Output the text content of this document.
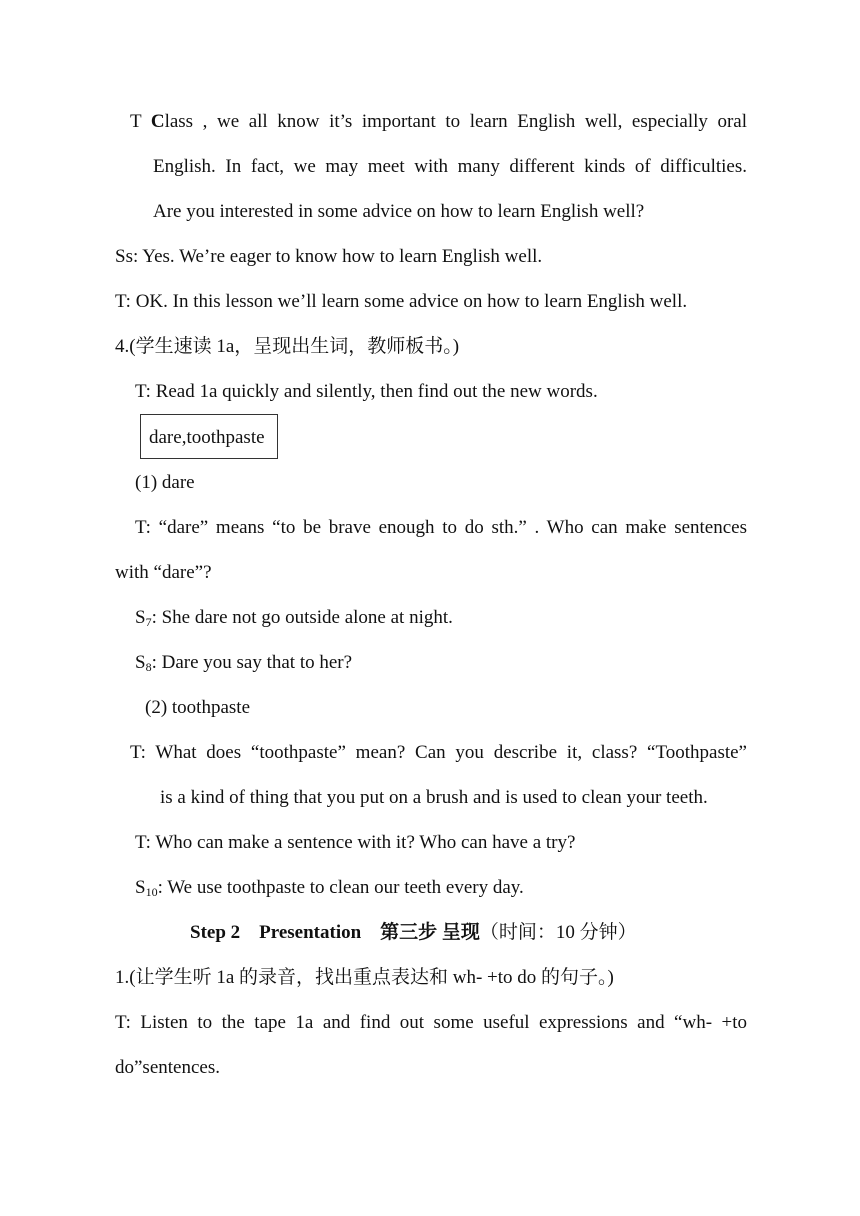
T Class , we all know it’s important to learn English well, especially oral
English. In fact, we may meet with many different kinds of difficulties.
Are you interested in some advice on how to learn English well?
Ss: Yes. We’re eager to know how to learn English well.
T: OK. In this lesson we’ll learn some advice on how to learn English well.
4.(学生速读 1a，呈现出生词，教师板书。)
T: Read 1a quickly and silently, then find out the new words.
dare,toothpaste
(1) dare
T: “dare” means “to be brave enough to do sth.” . Who can make sentences
with “dare”?
$S_7$: She dare not go outside alone at night.
$S_8$: Dare you say that to her?
(2) toothpaste
T: What does “toothpaste” mean? Can you describe it, class? “Toothpaste”
is a kind of thing that you put on a brush and is used to clean your teeth.
T: Who can make a sentence with it? Who can have a try?
$S_{10}$: We use toothpaste to clean our teeth every day.
Step 2　Presentation　第三步 呈现（时间：10 分钟）
1.(让学生听 1a 的录音，找出重点表达和 wh- +to do 的句子。)
T: Listen to the tape 1a and find out some useful expressions and “wh- +to
do”sentences.
